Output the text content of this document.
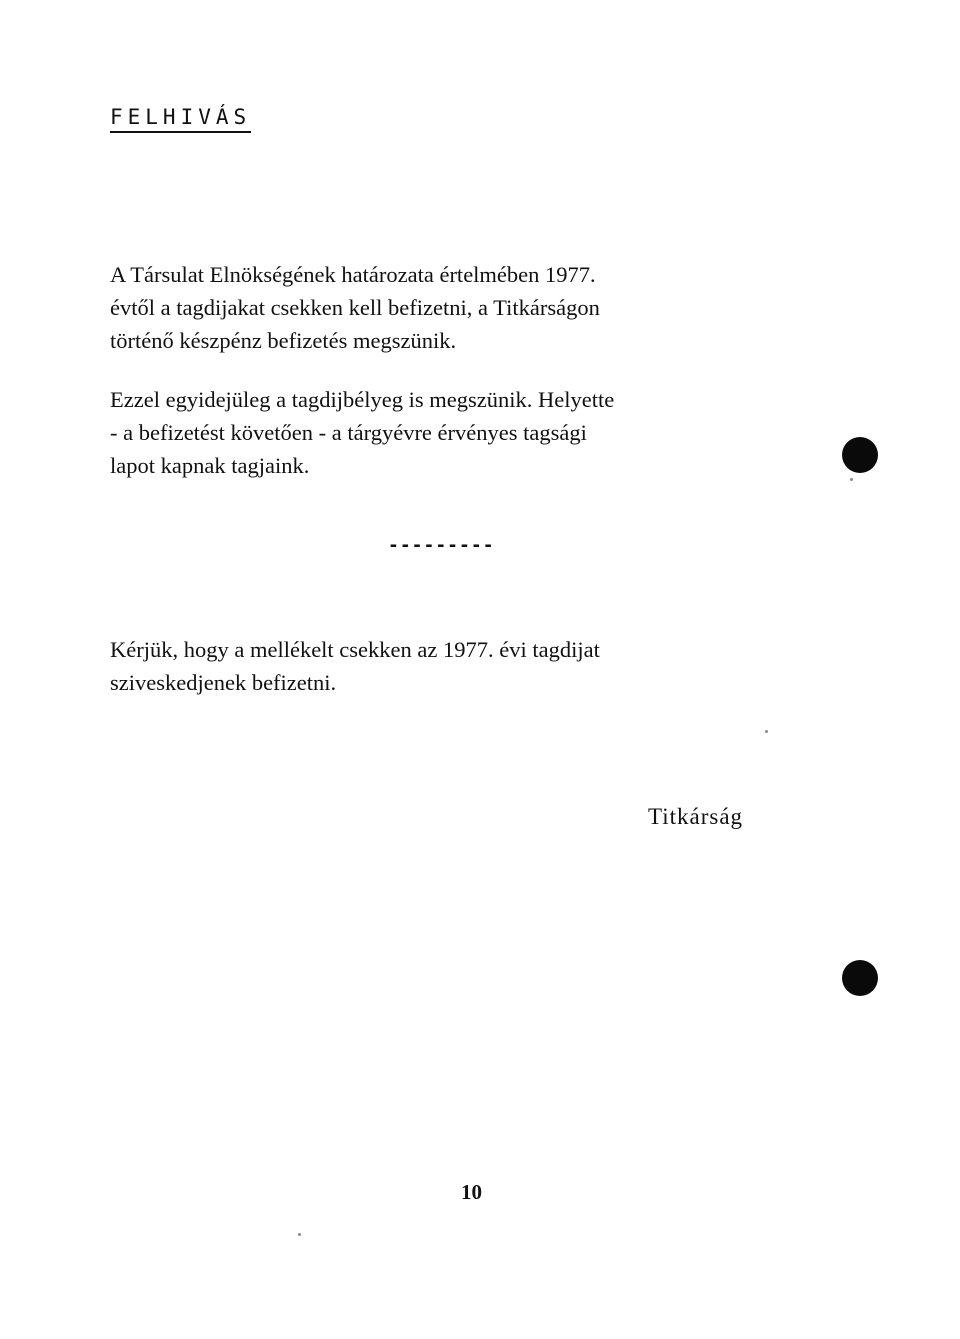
FELHIVÁS

A Társulat Elnökségének határozata értelmében 1977.
évtől a tagdijakat csekken kell befizetni, a Titkárságon
történő készpénz befizetés megszünik.

Ezzel egyidejüleg a tagdijbélyeg is megszünik. Helyette
- a befizetést követően - a tárgyévre érvényes tagsági
lapot kapnak tagjaink.

---------

Kérjük, hogy a mellékelt csekken az 1977. évi tagdijat
sziveskedjenek befizetni.

Titkárság
10
